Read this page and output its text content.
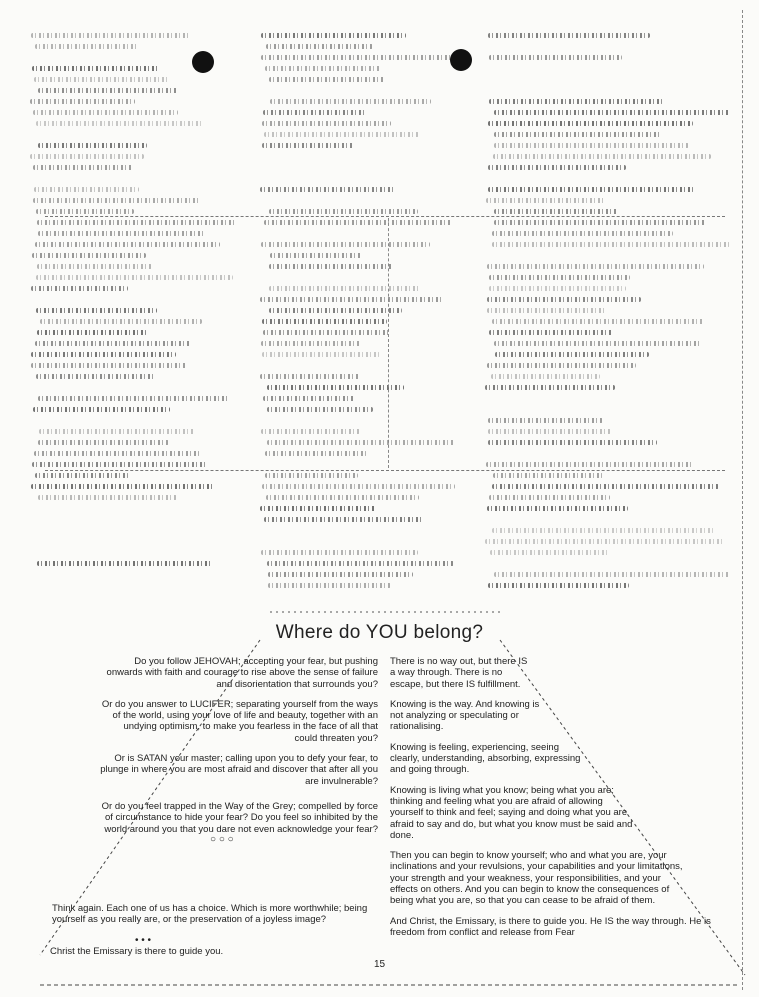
Where do YOU belong?

Do you follow JEHOVAH; accepting your fear, but pushing onwards with faith and courage to rise above the sense of failure and disorientation that surrounds you?

Or do you answer to LUCIFER; separating yourself from the ways of the world, using your love of life and beauty, together with an undying optimism, to make you fearless in the face of all that could threaten you?

Or is SATAN your master; calling upon you to defy your fear, to plunge in where you are most afraid and discover that after all you are invulnerable?

Or do you feel trapped in the Way of the Grey; compelled by force of circumstance to hide your fear? Do you feel so inhibited by the world around you that you dare not even acknowledge your fear?

○ ○ ○
Think again. Each one of us has a choice. Which is more worthwhile; being yourself as you really are, or the preservation of a joyless image?
• • •
Christ the Emissary is there to guide you.

There is no way out, but there IS a way through. There is no escape, but there IS fulfillment.

Knowing is the way. And knowing is not analyzing or speculating or rationalising.

Knowing is feeling, experiencing, seeing clearly, understanding, absorbing, expressing and going through.

Knowing is living what you know; being what you are; thinking and feeling what you are afraid of allowing yourself to think and feel; saying and doing what you are afraid to say and do, but what you know must be said and done.

Then you can begin to know yourself; who and what you are, your inclinations and your revulsions, your capabilities and your limitations, your strength and your weakness, your responsibilities, and your effects on others. And you can begin to know the consequences of being what you are, so that you can cease to be afraid of them.

And Christ, the Emissary, is there to guide you. He IS the way through. He is freedom from conflict and release from Fear

15
